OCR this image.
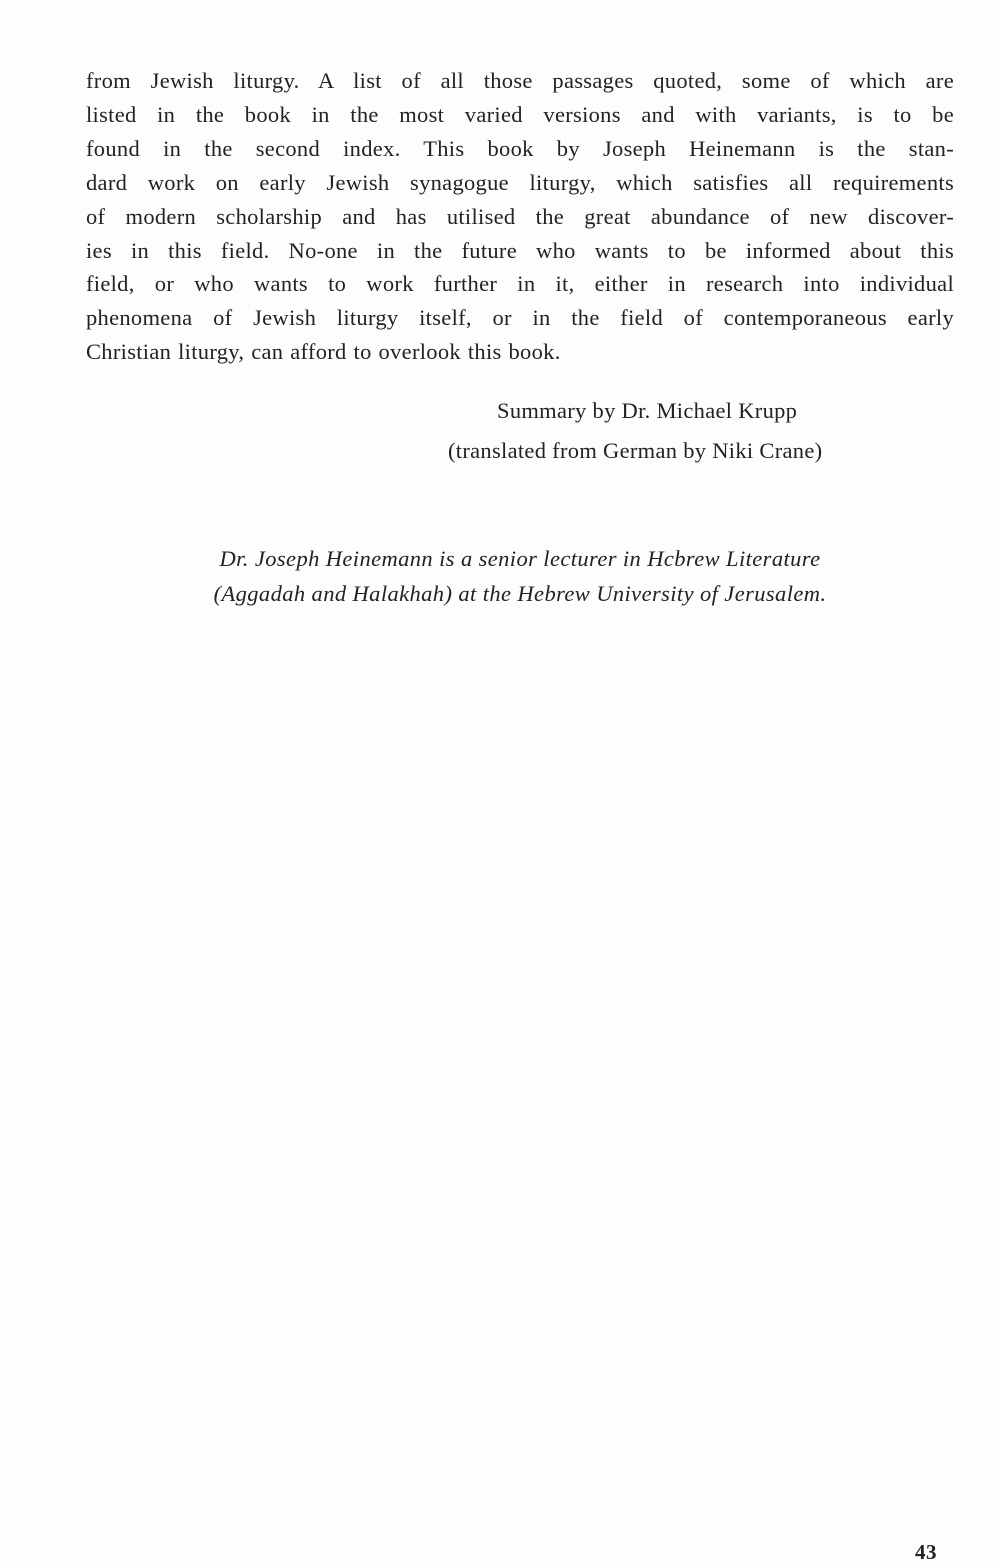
from Jewish liturgy. A list of all those passages quoted, some of which are
listed in the book in the most varied versions and with variants, is to be
found in the second index. This book by Joseph Heinemann is the stan-
dard work on early Jewish synagogue liturgy, which satisfies all requirements
of modern scholarship and has utilised the great abundance of new discover-
ies in this field. No-one in the future who wants to be informed about this
field, or who wants to work further in it, either in research into individual
phenomena of Jewish liturgy itself, or in the field of contemporaneous early
Christian liturgy, can afford to overlook this book.
Summary by Dr. Michael Krupp
(translated from German by Niki Crane)
Dr. Joseph Heinemann is a senior lecturer in Hcbrew Literature
(Aggadah and Halakhah) at the Hebrew University of Jerusalem.
43
